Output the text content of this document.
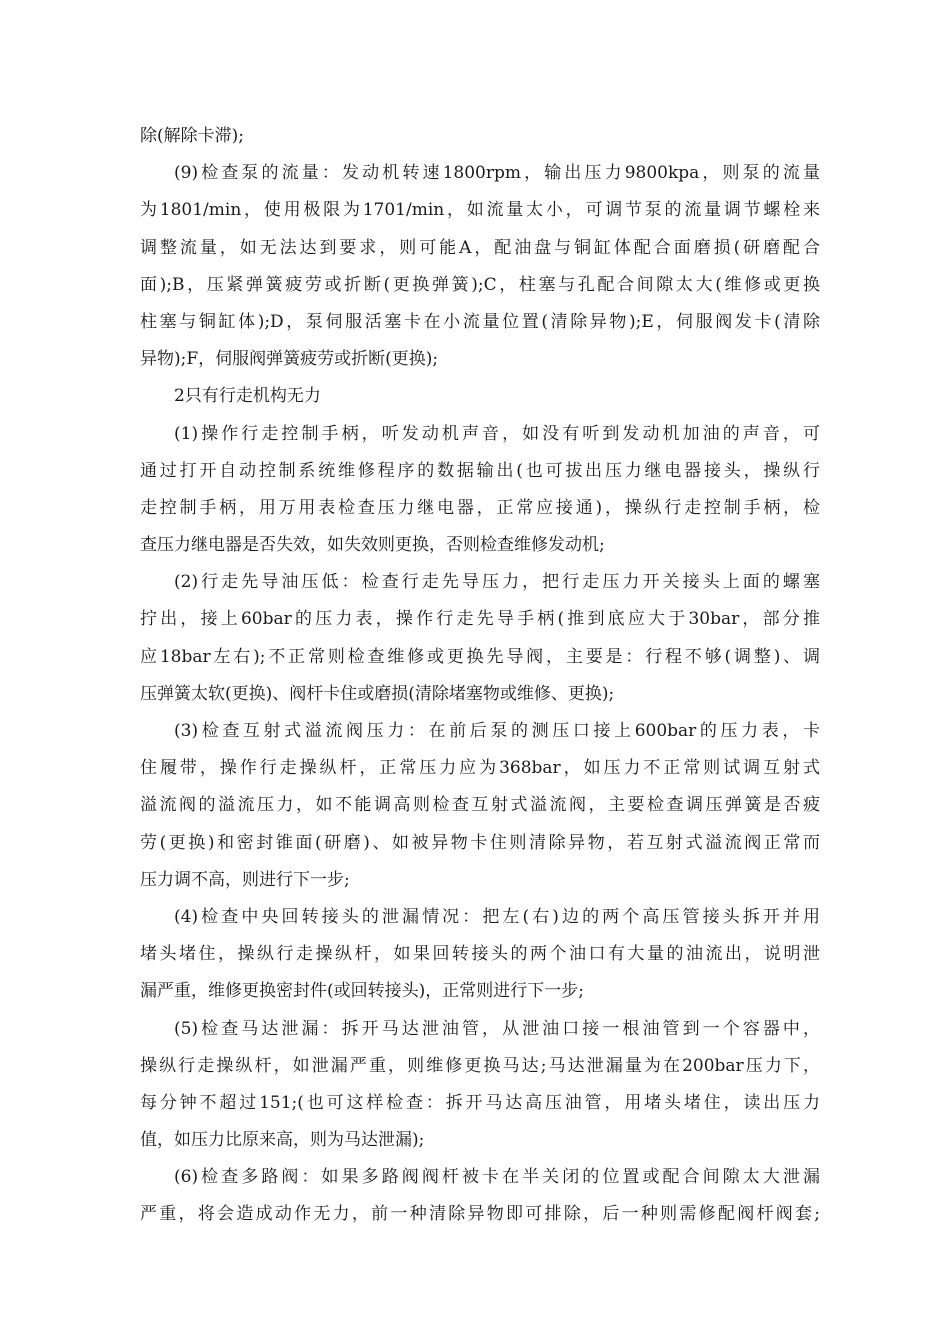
除(解除卡滞);
(9)检查泵的流量：发动机转速1800rpm，输出压力9800kpa，则泵的流量
为1801/min，使用极限为1701/min，如流量太小，可调节泵的流量调节螺栓来
调整流量，如无法达到要求，则可能A，配油盘与铜缸体配合面磨损(研磨配合
面);B，压紧弹簧疲劳或折断(更换弹簧);C，柱塞与孔配合间隙太大(维修或更换
柱塞与铜缸体);D，泵伺服活塞卡在小流量位置(清除异物);E，伺服阀发卡(清除
异物);F，伺服阀弹簧疲劳或折断(更换);
2只有行走机构无力
(1)操作行走控制手柄，听发动机声音，如没有听到发动机加油的声音，可
通过打开自动控制系统维修程序的数据输出(也可拔出压力继电器接头，操纵行
走控制手柄，用万用表检查压力继电器，正常应接通)，操纵行走控制手柄，检
查压力继电器是否失效，如失效则更换，否则检查维修发动机;
(2)行走先导油压低：检查行走先导压力，把行走压力开关接头上面的螺塞
拧出，接上60bar的压力表，操作行走先导手柄(推到底应大于30bar，部分推
应18bar左右);不正常则检查维修或更换先导阀，主要是：行程不够(调整)、调
压弹簧太软(更换)、阀杆卡住或磨损(清除堵塞物或维修、更换);
(3)检查互射式溢流阀压力：在前后泵的测压口接上600bar的压力表，卡
住履带，操作行走操纵杆，正常压力应为368bar，如压力不正常则试调互射式
溢流阀的溢流压力，如不能调高则检查互射式溢流阀，主要检查调压弹簧是否疲
劳(更换)和密封锥面(研磨)、如被异物卡住则清除异物，若互射式溢流阀正常而
压力调不高，则进行下一步;
(4)检查中央回转接头的泄漏情况：把左(右)边的两个高压管接头拆开并用
堵头堵住，操纵行走操纵杆，如果回转接头的两个油口有大量的油流出，说明泄
漏严重，维修更换密封件(或回转接头)，正常则进行下一步;
(5)检查马达泄漏：拆开马达泄油管，从泄油口接一根油管到一个容器中，
操纵行走操纵杆，如泄漏严重，则维修更换马达;马达泄漏量为在200bar压力下，
每分钟不超过151;(也可这样检查：拆开马达高压油管，用堵头堵住，读出压力
值，如压力比原来高，则为马达泄漏);
(6)检查多路阀：如果多路阀阀杆被卡在半关闭的位置或配合间隙太大泄漏
严重，将会造成动作无力，前一种清除异物即可排除，后一种则需修配阀杆阀套;
